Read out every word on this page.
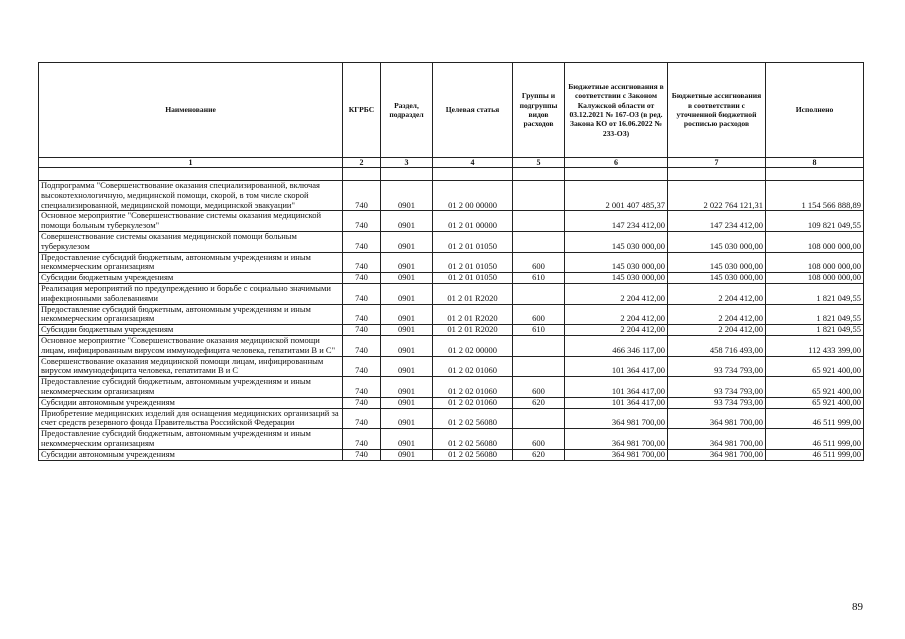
Наименование	КГРБС	Раздел, подраздел	Целевая статья	Группы и подгруппы видов расходов	Бюджетные ассигнования в соответствии с Законом Калужской области от 03.12.2021 № 167-ОЗ (в ред. Закона КО от 16.06.2022 № 233-ОЗ)	Бюджетные ассигнования в соответствии с уточненной бюджетной росписью расходов	Исполнено
1	2	3	4	5	6	7	8

Подпрограмма "Совершенствование оказания специализированной, включая высокотехнологичную, медицинской помощи, скорой, в том числе скорой специализированной, медицинской помощи, медицинской эвакуации"	740	0901	01 2 00 00000		2 001 407 485,37	2 022 764 121,31	1 154 566 888,89
Основное мероприятие "Совершенствование системы оказания медицинской помощи больным туберкулезом"	740	0901	01 2 01 00000		147 234 412,00	147 234 412,00	109 821 049,55
Совершенствование системы оказания медицинской помощи больным туберкулезом	740	0901	01 2 01 01050		145 030 000,00	145 030 000,00	108 000 000,00
Предоставление субсидий бюджетным, автономным учреждениям и иным некоммерческим организациям	740	0901	01 2 01 01050	600	145 030 000,00	145 030 000,00	108 000 000,00
Субсидии бюджетным учреждениям	740	0901	01 2 01 01050	610	145 030 000,00	145 030 000,00	108 000 000,00
Реализация мероприятий по предупреждению и борьбе с социально значимыми инфекционными заболеваниями	740	0901	01 2 01 R2020		2 204 412,00	2 204 412,00	1 821 049,55
Предоставление субсидий бюджетным, автономным учреждениям и иным некоммерческим организациям	740	0901	01 2 01 R2020	600	2 204 412,00	2 204 412,00	1 821 049,55
Субсидии бюджетным учреждениям	740	0901	01 2 01 R2020	610	2 204 412,00	2 204 412,00	1 821 049,55
Основное мероприятие "Совершенствование оказания медицинской помощи лицам, инфицированным вирусом иммунодефицита человека, гепатитами В и С"	740	0901	01 2 02 00000		466 346 117,00	458 716 493,00	112 433 399,00
Совершенствование оказания медицинской помощи лицам, инфицированным вирусом иммунодефицита человека, гепатитами В и С	740	0901	01 2 02 01060		101 364 417,00	93 734 793,00	65 921 400,00
Предоставление субсидий бюджетным, автономным учреждениям и иным некоммерческим организациям	740	0901	01 2 02 01060	600	101 364 417,00	93 734 793,00	65 921 400,00
Субсидии автономным учреждениям	740	0901	01 2 02 01060	620	101 364 417,00	93 734 793,00	65 921 400,00
Приобретение медицинских изделий для оснащения медицинских организаций за счет средств резервного фонда Правительства Российской Федерации	740	0901	01 2 02 56080		364 981 700,00	364 981 700,00	46 511 999,00
Предоставление субсидий бюджетным, автономным учреждениям и иным некоммерческим организациям	740	0901	01 2 02 56080	600	364 981 700,00	364 981 700,00	46 511 999,00
Субсидии автономным учреждениям	740	0901	01 2 02 56080	620	364 981 700,00	364 981 700,00	46 511 999,00
89
